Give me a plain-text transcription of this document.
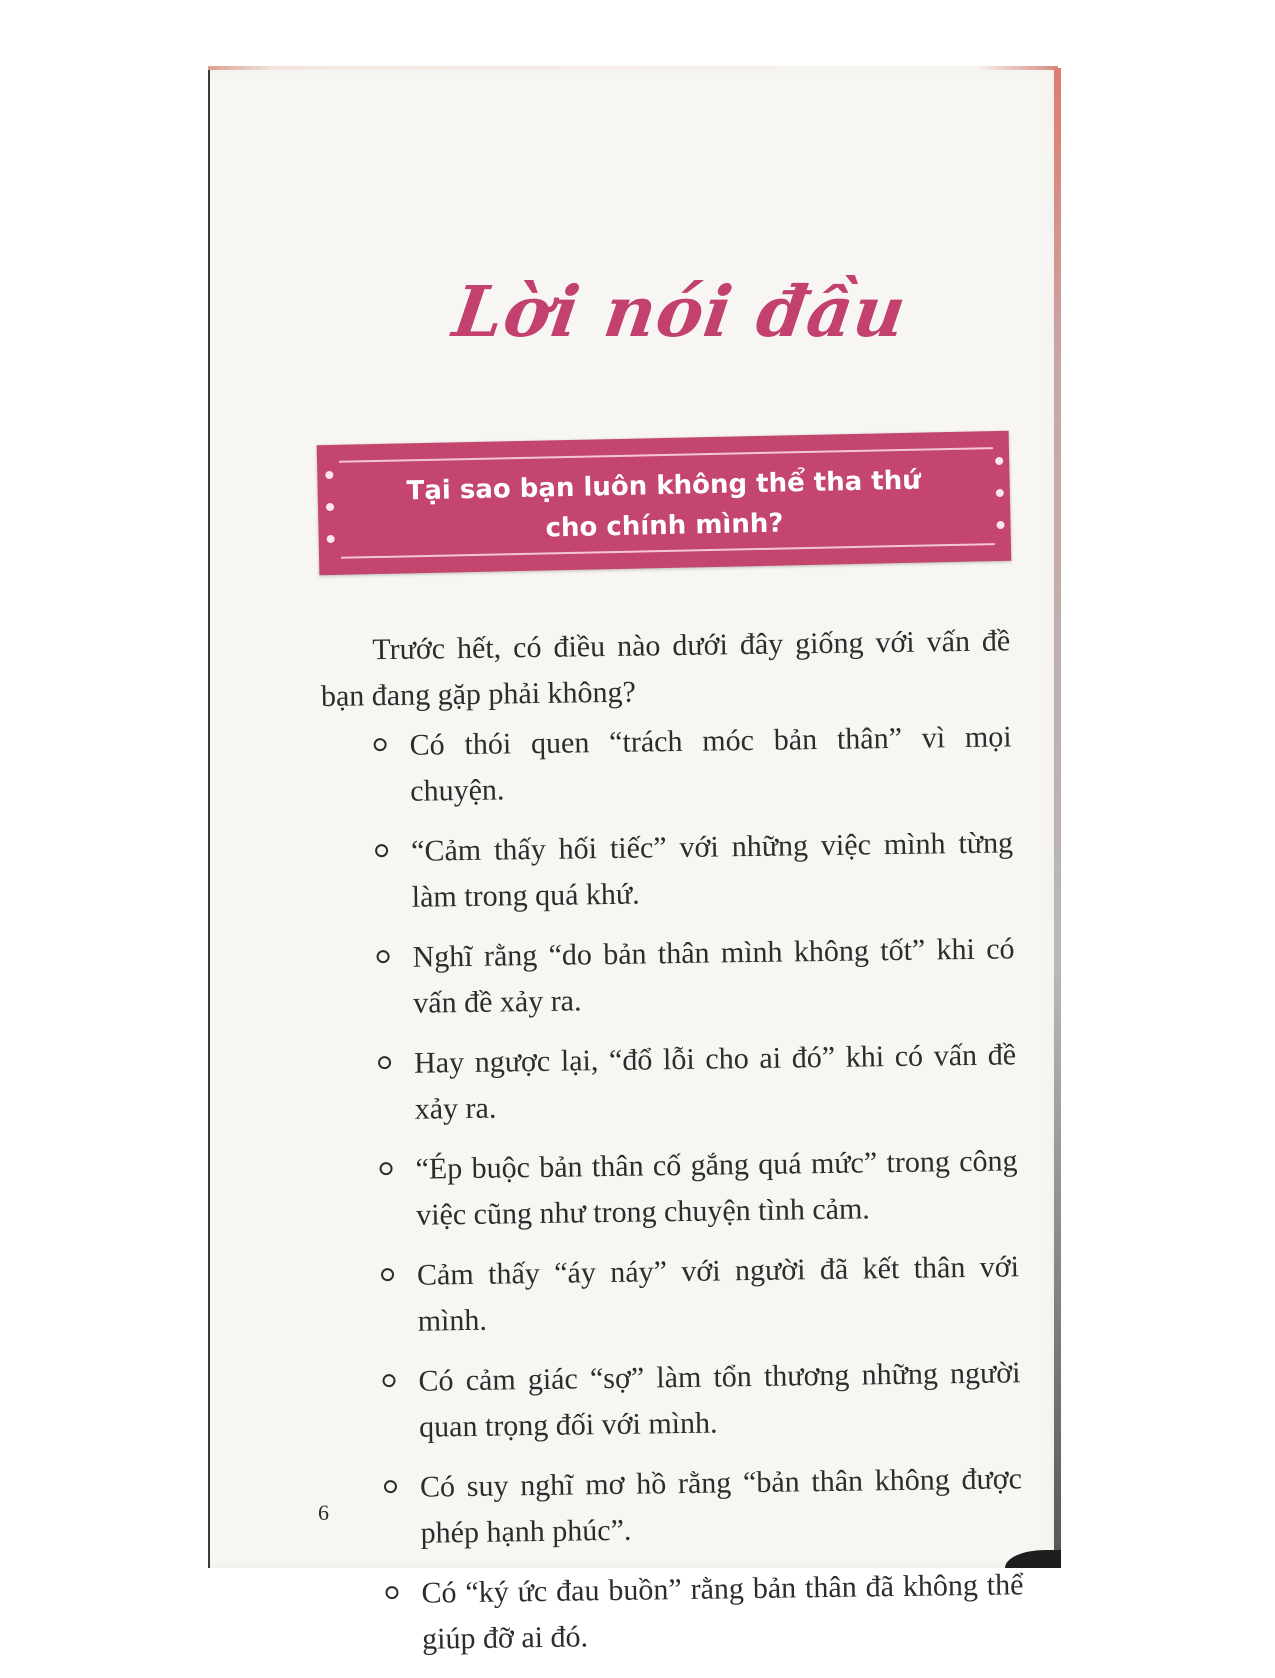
Lời nói đầu
Tại sao bạn luôn không thể tha thứ
cho chính mình?

Trước hết, có điều nào dưới đây giống với vấn đề bạn đang gặp phải không?

Có thói quen “trách móc bản thân” vì mọi chuyện.
“Cảm thấy hối tiếc” với những việc mình từng làm trong quá khứ.
Nghĩ rằng “do bản thân mình không tốt” khi có vấn đề xảy ra.
Hay ngược lại, “đổ lỗi cho ai đó” khi có vấn đề xảy ra.
“Ép buộc bản thân cố gắng quá mức” trong công việc cũng như trong chuyện tình cảm.
Cảm thấy “áy náy” với người đã kết thân với mình.
Có cảm giác “sợ” làm tổn thương những người quan trọng đối với mình.
Có suy nghĩ mơ hồ rằng “bản thân không được phép hạnh phúc”.
Có “ký ức đau buồn” rằng bản thân đã không thể giúp đỡ ai đó.
6
